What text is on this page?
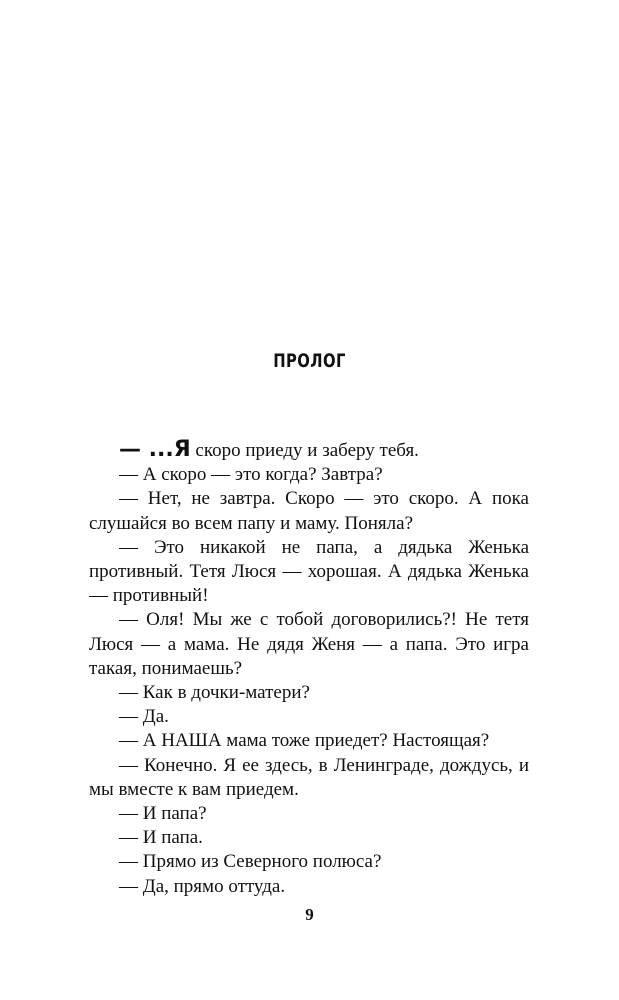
ПРОЛОГ

— ...Я скоро приеду и заберу тебя.

— А скоро — это когда? Завтра?

— Нет, не завтра. Скоро — это скоро. А пока слушайся во всем папу и маму. Поняла?

— Это никакой не папа, а дядька Женька противный. Тетя Люся — хорошая. А дядька Женька — противный!

— Оля! Мы же с тобой договорились?! Не тетя Люся — а мама. Не дядя Женя — а папа. Это игра такая, понимаешь?

— Как в дочки-матери?

— Да.

— А НАША мама тоже приедет? Настоящая?

— Конечно. Я ее здесь, в Ленинграде, дождусь, и мы вместе к вам приедем.

— И папа?

— И папа.

— Прямо из Северного полюса?

— Да, прямо оттуда.

9
